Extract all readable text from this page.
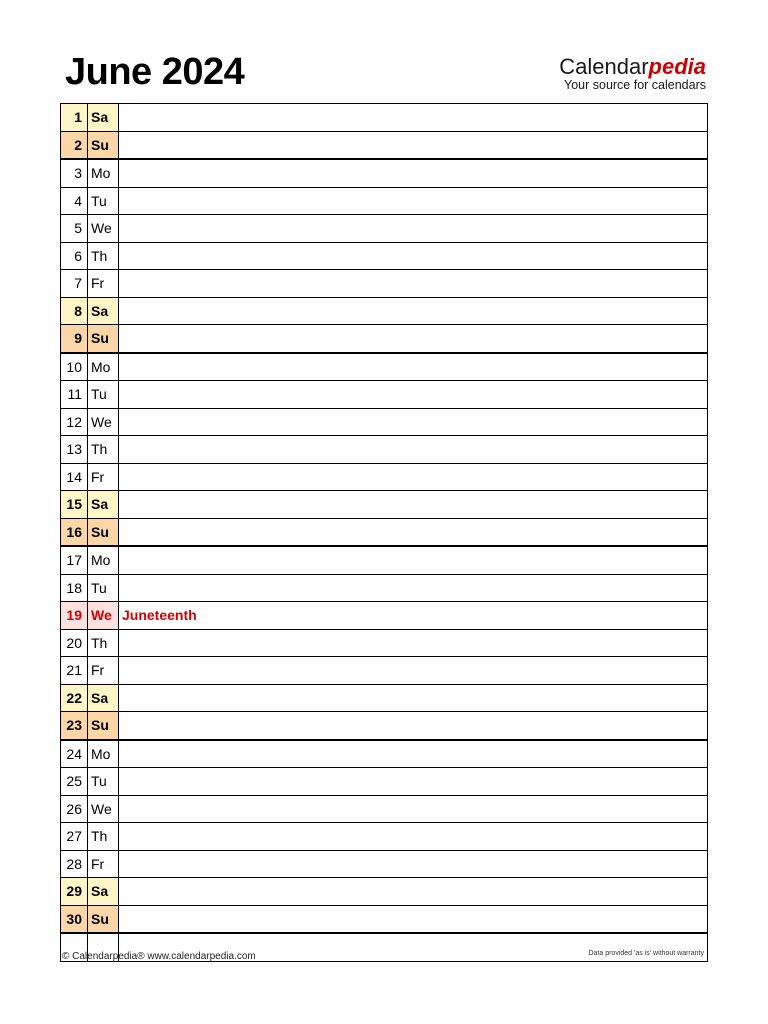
June 2024	Calendarpedia
Your source for calendars
1	Sa	
2	Su	
3	Mo	
4	Tu	
5	We	
6	Th	
7	Fr	
8	Sa	
9	Su	
10	Mo	
11	Tu	
12	We	
13	Th	
14	Fr	
15	Sa	
16	Su	
17	Mo	
18	Tu	
19	We	Juneteenth
20	Th	
21	Fr	
22	Sa	
23	Su	
24	Mo	
25	Tu	
26	We	
27	Th	
28	Fr	
29	Sa	
30	Su	

© Calendarpedia® www.calendarpedia.com	Data provided 'as is' without warranty
